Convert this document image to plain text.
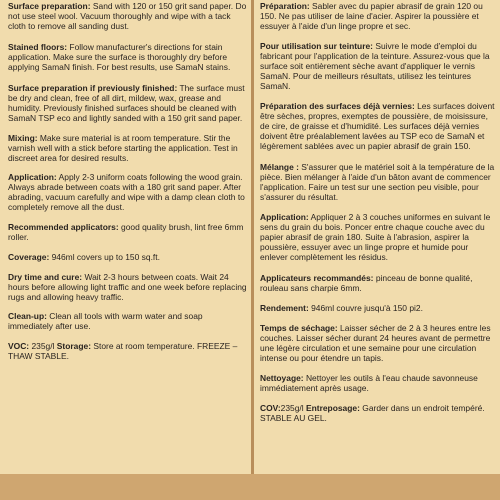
Surface preparation: Sand with 120 or 150 grit sand paper. Do not use steel wool. Vacuum thoroughly and wipe with a tack cloth to remove all sanding dust.

Stained floors: Follow manufacturer's directions for stain application. Make sure the surface is thoroughly dry before applying SamaN finish. For best results, use SamaN stains.

Surface preparation if previously finished: The surface must be dry and clean, free of all dirt, mildew, wax, grease and humidity. Previously finished surfaces should be cleaned with SamaN TSP eco and lightly sanded with a 150 grit sand paper.

Mixing: Make sure material is at room temperature. Stir the varnish well with a stick before starting the application. Test in discreet area for desired results.

Application: Apply 2-3 uniform coats following the wood grain. Always abrade between coats with a 180 grit sand paper. After abrading, vacuum carefully and wipe with a damp clean cloth to completely remove all the dust.

Recommended applicators: good quality brush, lint free 6mm roller.

Coverage: 946ml covers up to 150 sq.ft.

Dry time and cure: Wait 2-3 hours between coats. Wait 24 hours before allowing light traffic and one week before replacing rugs and allowing heavy traffic.

Clean-up: Clean all tools with warm water and soap immediately after use.

VOC: 235g/l Storage: Store at room temperature. FREEZE – THAW STABLE.

Préparation: Sabler avec du papier abrasif de grain 120 ou 150. Ne pas utiliser de laine d'acier. Aspirer la poussière et essuyer à l'aide d'un linge propre et sec.

Pour utilisation sur teinture: Suivre le mode d'emploi du fabricant pour l'application de la teinture. Assurez-vous que la surface soit entièrement sèche avant d'appliquer le vernis SamaN. Pour de meilleurs résultats, utilisez les teintures SamaN.

Préparation des surfaces déjà vernies: Les surfaces doivent être sèches, propres, exemptes de poussière, de moisissure, de cire, de graisse et d'humidité. Les surfaces déjà vernies doivent être préalablement lavées au TSP eco de SamaN et légèrement sablées avec un papier abrasif de grain 150.

Mélange : S'assurer que le matériel soit à la température de la pièce. Bien mélanger à l'aide d'un bâton avant de commencer l'application. Faire un test sur une section peu visible, pour s'assurer du résultat.

Application: Appliquer 2 à 3 couches uniformes en suivant le sens du grain du bois. Poncer entre chaque couche avec du papier abrasif de grain 180. Suite à l'abrasion, aspirer la poussière, essuyer avec un linge propre et humide pour enlever complètement les résidus.

Applicateurs recommandés: pinceau de bonne qualité, rouleau sans charpie 6mm.

Rendement: 946ml couvre jusqu'à 150 pi2.

Temps de séchage: Laisser sécher de 2 à 3 heures entre les couches. Laisser sécher durant 24 heures avant de permettre une légère circulation et une semaine pour une circulation intense ou pour étendre un tapis.

Nettoyage: Nettoyer les outils à l'eau chaude savonneuse immédiatement après usage.

COV:235g/l Entreposage: Garder dans un endroit tempéré. STABLE AU GEL.
